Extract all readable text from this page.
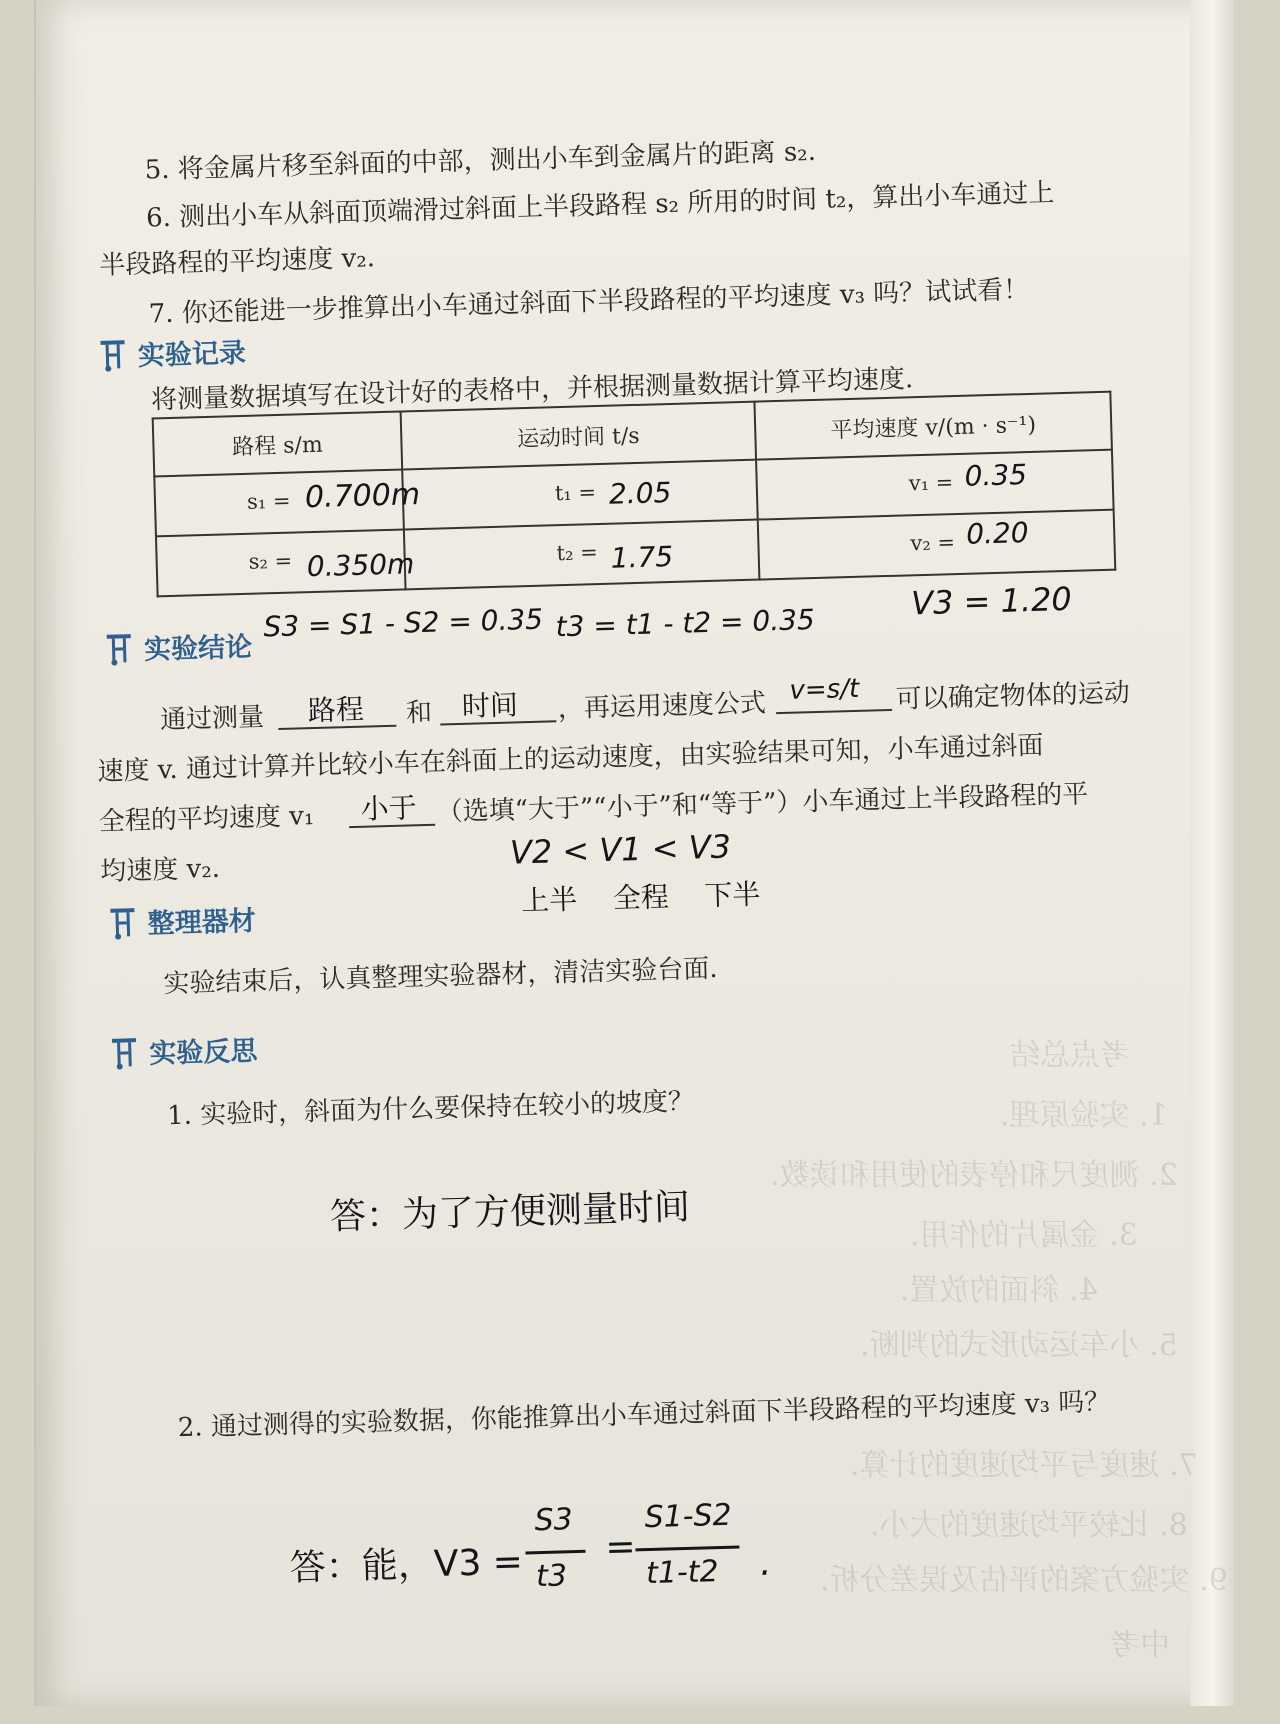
考点总结
1. 实验原理.
2. 测度尺和停表的使用和读数.
3. 金属片的作用.
4. 斜面的放置.
5. 小车运动形式的判断.
7. 速度与平均速度的计算.
8. 比较平均速度的大小.
9. 实验方案的评估及误差分析.
中考
5. 将金属片移至斜面的中部，测出小车到金属片的距离 s₂.
6. 测出小车从斜面顶端滑过斜面上半段路程 s₂ 所用的时间 t₂，算出小车通过上
半段路程的平均速度 v₂.
7. 你还能进一步推算出小车通过斜面下半段路程的平均速度 v₃ 吗？试试看！
实验记录
将测量数据填写在设计好的表格中，并根据测量数据计算平均速度.
路程 s/m	运动时间 t/s	平均速度 v/(m · s⁻¹)

s₁ = 0.700m	t₁ = 2.05	v₁ = 0.35

s₂ = 0.350m	t₂ = 1.75	v₂ = 0.20
S3 = S1 - S2 = 0.35 t3 = t1 - t2 = 0.35
V3 = 1.20
实验结论
通过测量 路程 和 时间 ，再运用速度公式 v=s/t 可以确定物体的运动
速度 v. 通过计算并比较小车在斜面上的运动速度，由实验结果可知，小车通过斜面
全程的平均速度 v₁ 小于 （选填“大于”“小于”和“等于”）小车通过上半段路程的平
均速度 v₂.	V2 < V1 < V3
上半    全程    下半
整理器材
实验结束后，认真整理实验器材，清洁实验台面.
实验反思
1. 实验时，斜面为什么要保持在较小的坡度？
答：为了方便测量时间
2. 通过测得的实验数据，你能推算出小车通过斜面下半段路程的平均速度 v₃ 吗？
答：能，V3 =
S3
t3
=
S1-S2
t1-t2 .
